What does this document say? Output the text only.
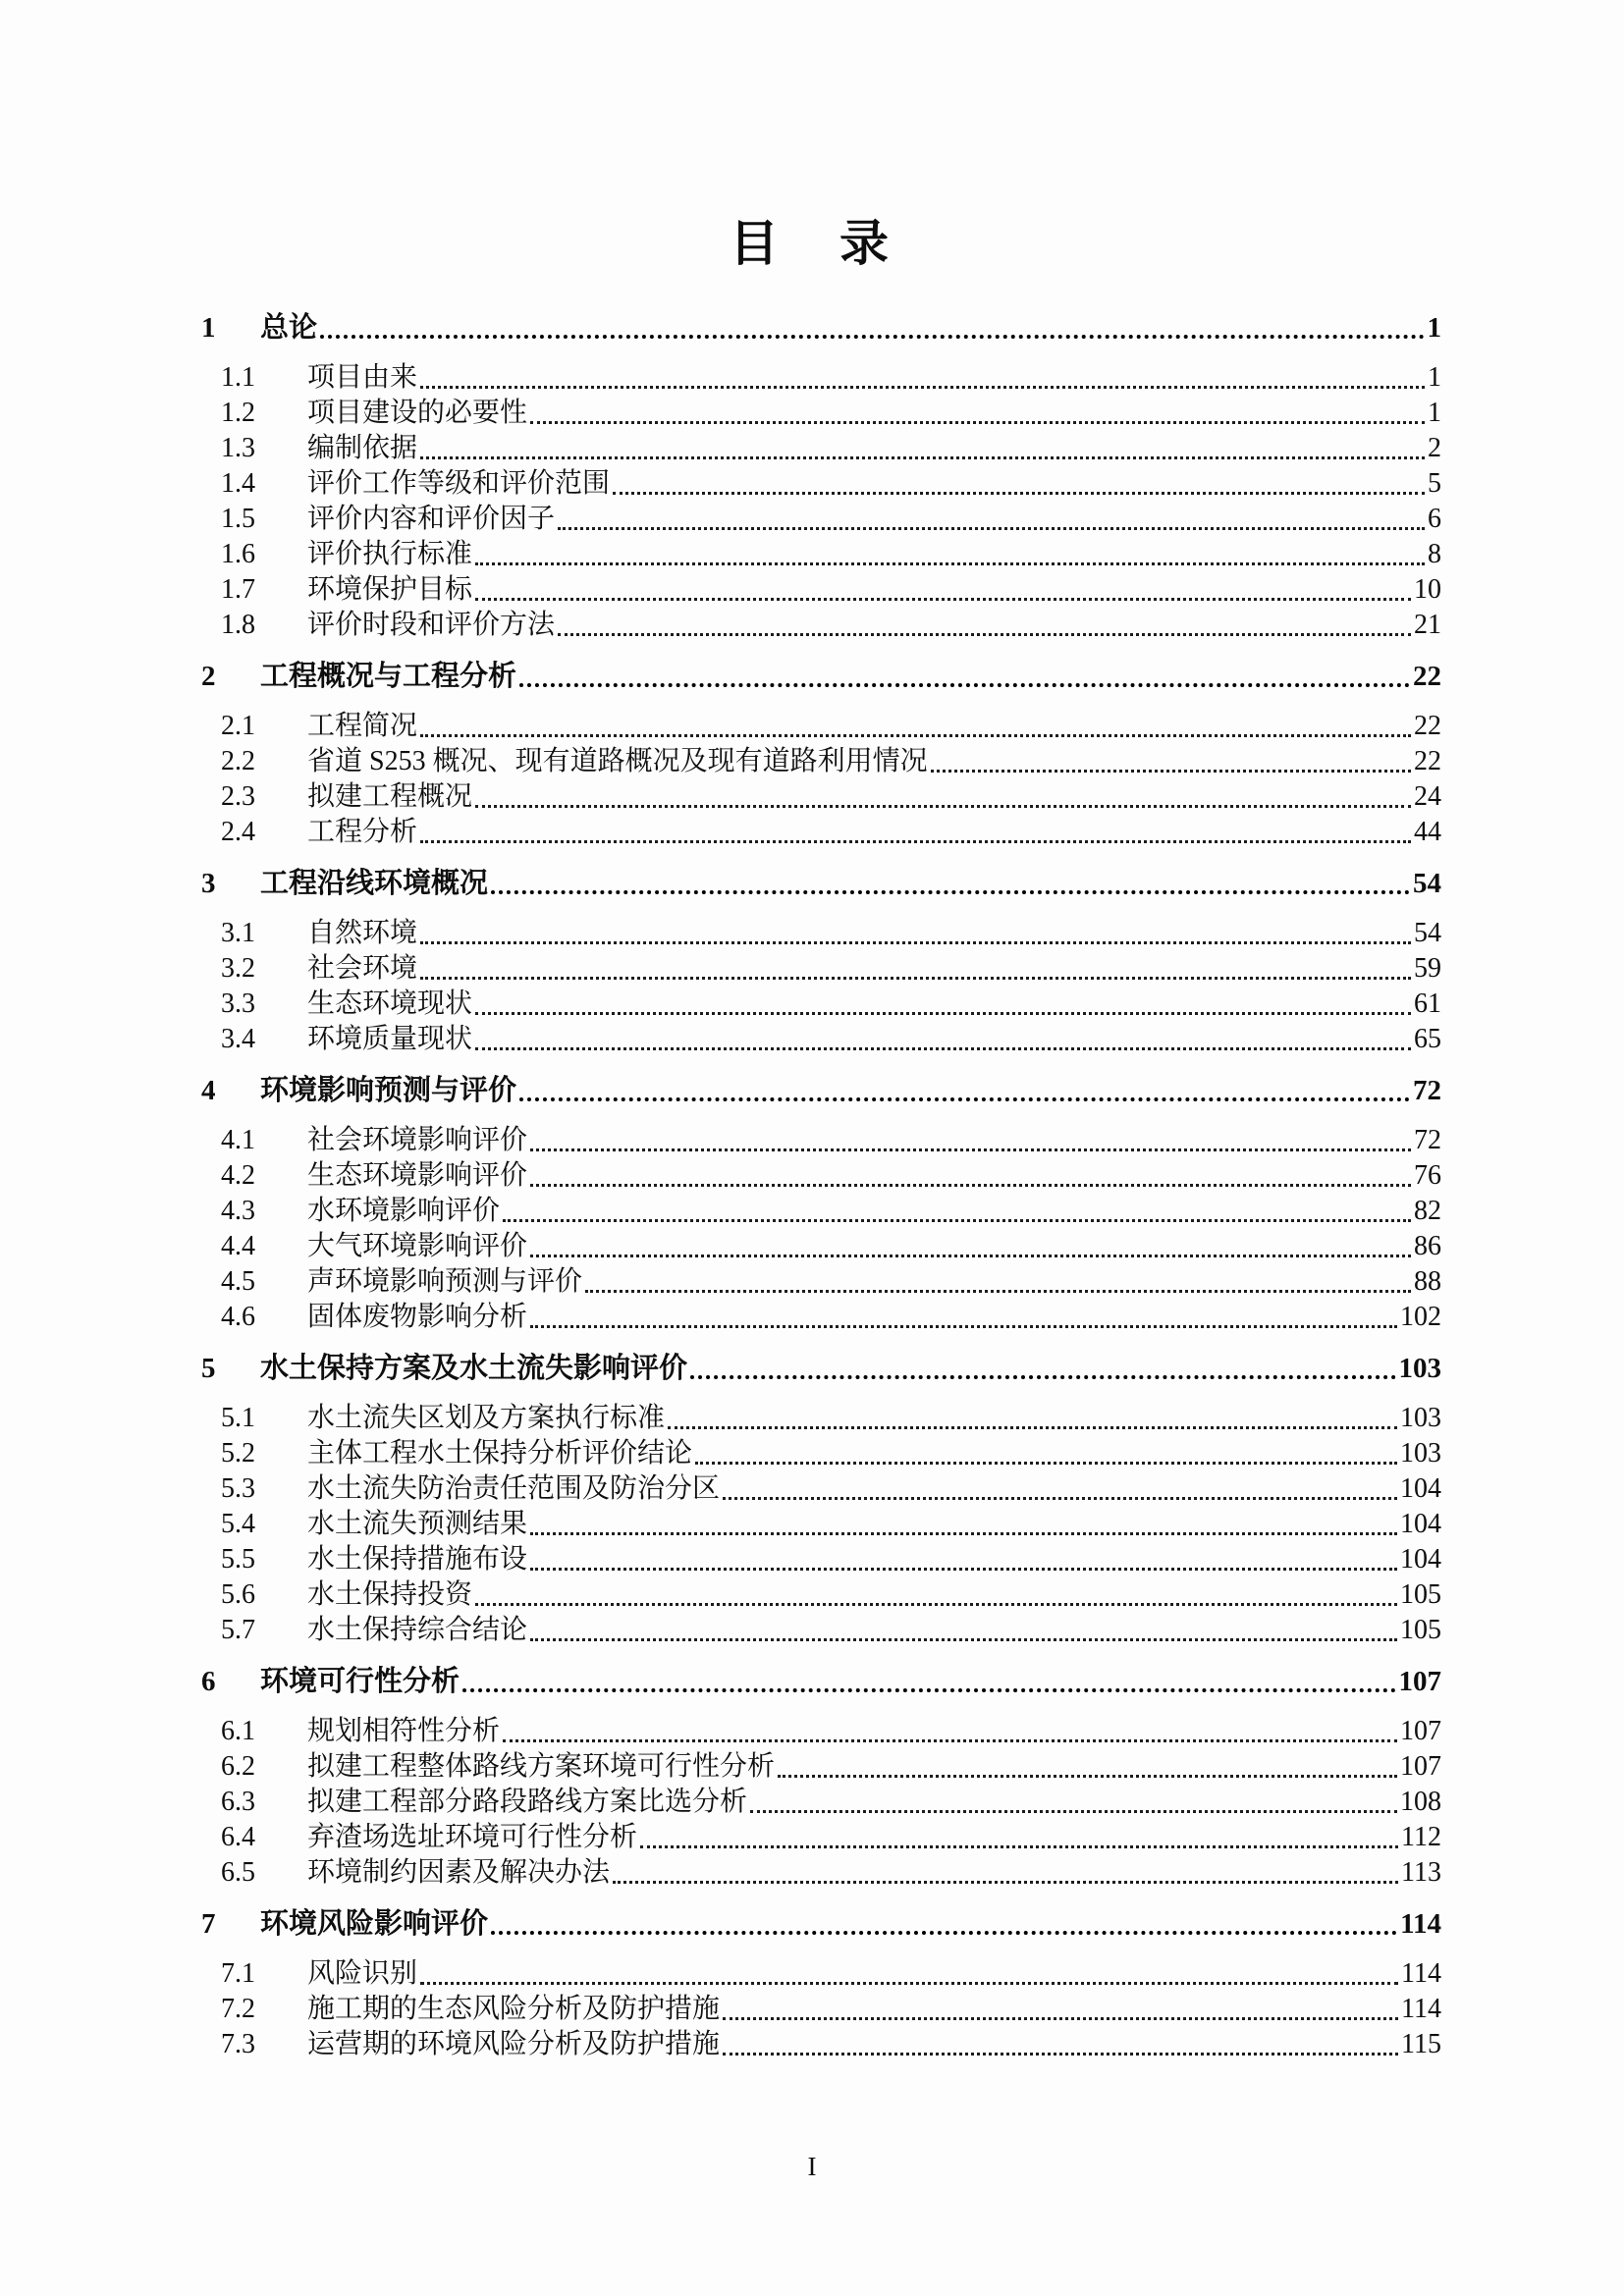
目　录
1	总论	1
1.1	项目由来	1
1.2	项目建设的必要性	1
1.3	编制依据	2
1.4	评价工作等级和评价范围	5
1.5	评价内容和评价因子	6
1.6	评价执行标准	8
1.7	环境保护目标	10
1.8	评价时段和评价方法	21
2	工程概况与工程分析	22
2.1	工程简况	22
2.2	省道 S253 概况、现有道路概况及现有道路利用情况	22
2.3	拟建工程概况	24
2.4	工程分析	44
3	工程沿线环境概况	54
3.1	自然环境	54
3.2	社会环境	59
3.3	生态环境现状	61
3.4	环境质量现状	65
4	环境影响预测与评价	72
4.1	社会环境影响评价	72
4.2	生态环境影响评价	76
4.3	水环境影响评价	82
4.4	大气环境影响评价	86
4.5	声环境影响预测与评价	88
4.6	固体废物影响分析	102
5	水土保持方案及水土流失影响评价	103
5.1	水土流失区划及方案执行标准	103
5.2	主体工程水土保持分析评价结论	103
5.3	水土流失防治责任范围及防治分区	104
5.4	水土流失预测结果	104
5.5	水土保持措施布设	104
5.6	水土保持投资	105
5.7	水土保持综合结论	105
6	环境可行性分析	107
6.1	规划相符性分析	107
6.2	拟建工程整体路线方案环境可行性分析	107
6.3	拟建工程部分路段路线方案比选分析	108
6.4	弃渣场选址环境可行性分析	112
6.5	环境制约因素及解决办法	113
7	环境风险影响评价	114
7.1	风险识别	114
7.2	施工期的生态风险分析及防护措施	114
7.3	运营期的环境风险分析及防护措施	115
I
